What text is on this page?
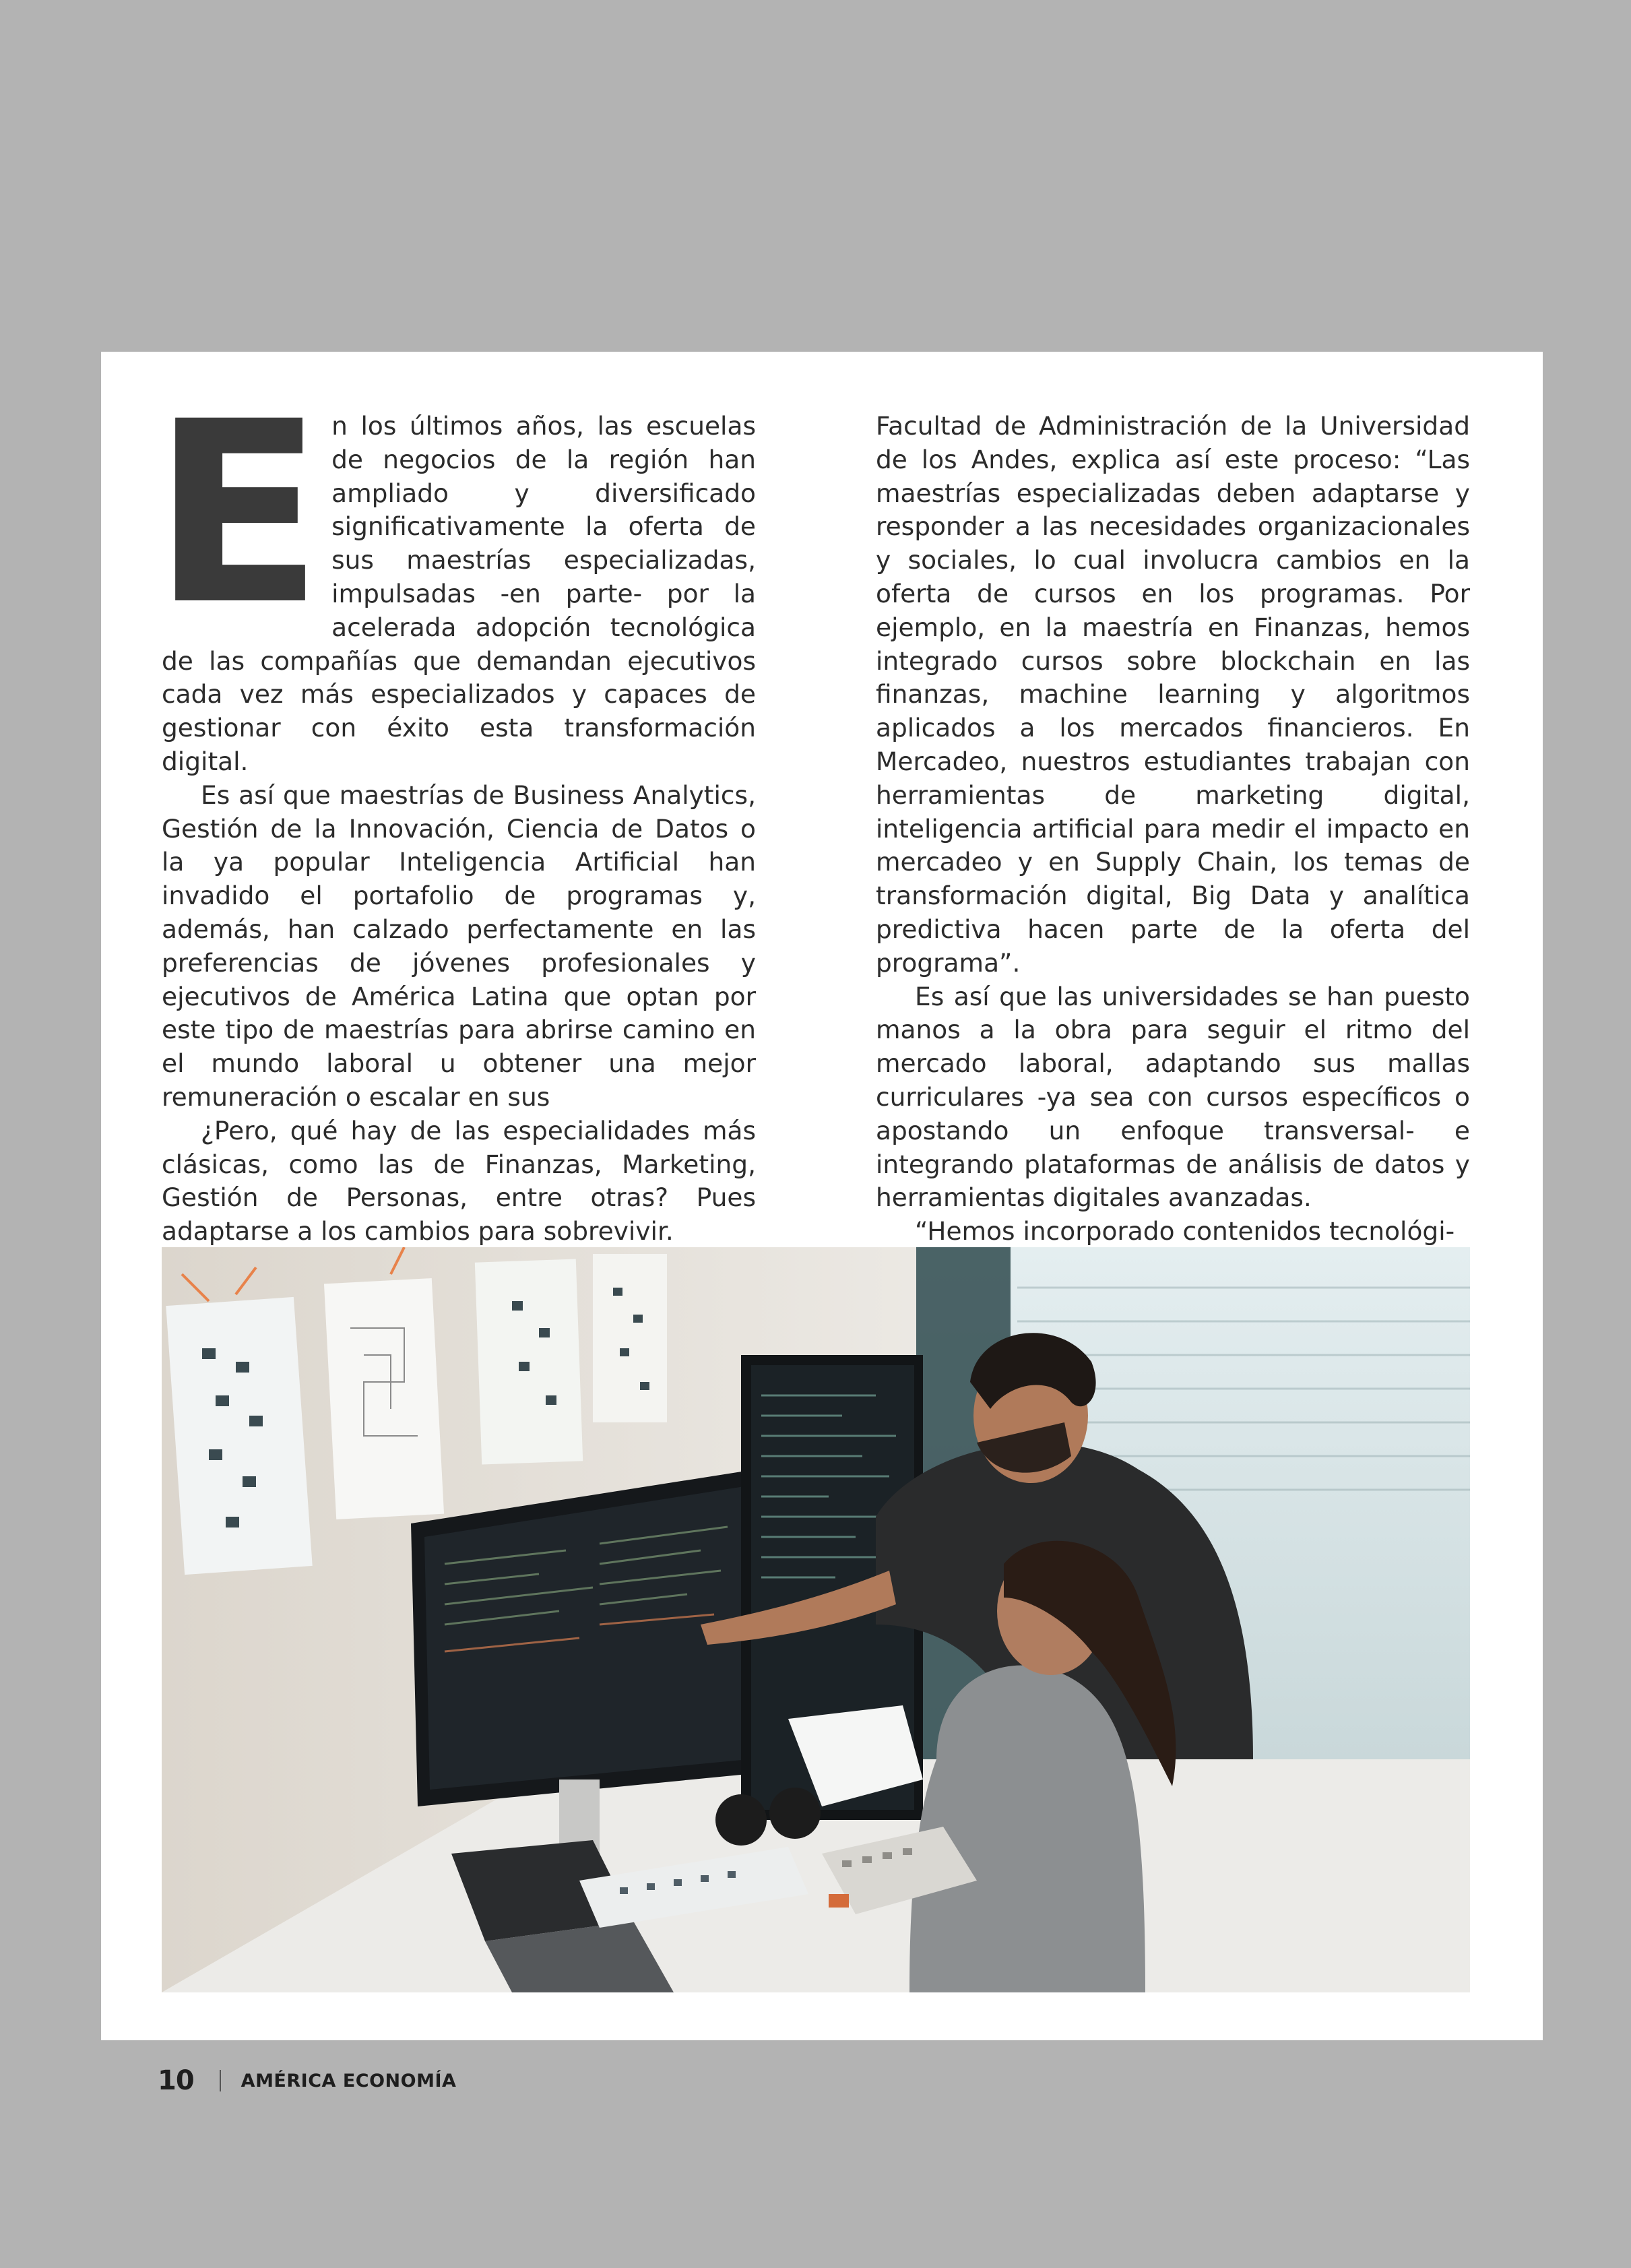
En los últimos años, las escuelas de negocios de la región han ampliado y diversificado significativamente la oferta de sus maestrías especializadas, impulsadas -en parte- por la acelerada adopción tecnológica de las compañías que demandan ejecutivos cada vez más especializados y capaces de gestionar con éxito esta transformación digital.

Es así que maestrías de Business Analytics, Gestión de la Innovación, Ciencia de Datos o la ya popular Inteligencia Artificial han invadido el portafolio de programas y, además, han calzado perfectamente en las preferencias de jóvenes profesionales y ejecutivos de América Latina que optan por este tipo de maestrías para abrirse camino en el mundo laboral u obtener una mejor remuneración o escalar en sus

¿Pero, qué hay de las especialidades más clásicas, como las de Finanzas, Marketing, Gestión de Personas, entre otras? Pues adaptarse a los cambios para sobrevivir.

Facultad de Administración de la Universidad de los Andes, explica así este proceso: “Las maestrías especializadas deben adaptarse y responder a las necesidades organizacionales y sociales, lo cual involucra cambios en la oferta de cursos en los programas. Por ejemplo, en la maestría en Finanzas, hemos integrado cursos sobre blockchain en las finanzas, machine learning y algoritmos aplicados a los mercados financieros. En Mercadeo, nuestros estudiantes trabajan con herramientas de marketing digital, inteligencia artificial para medir el impacto en mercadeo y en Supply Chain, los temas de transformación digital, Big Data y analítica predictiva hacen parte de la oferta del programa”.

Es así que las universidades se han puesto manos a la obra para seguir el ritmo del mercado laboral, adaptando sus mallas curriculares -ya sea con cursos específicos o apostando un enfoque transversal- e integrando plataformas de análisis de datos y herramientas digitales avanzadas.

“Hemos incorporado contenidos tecnológi-

10	AMÉRICA ECONOMÍA
